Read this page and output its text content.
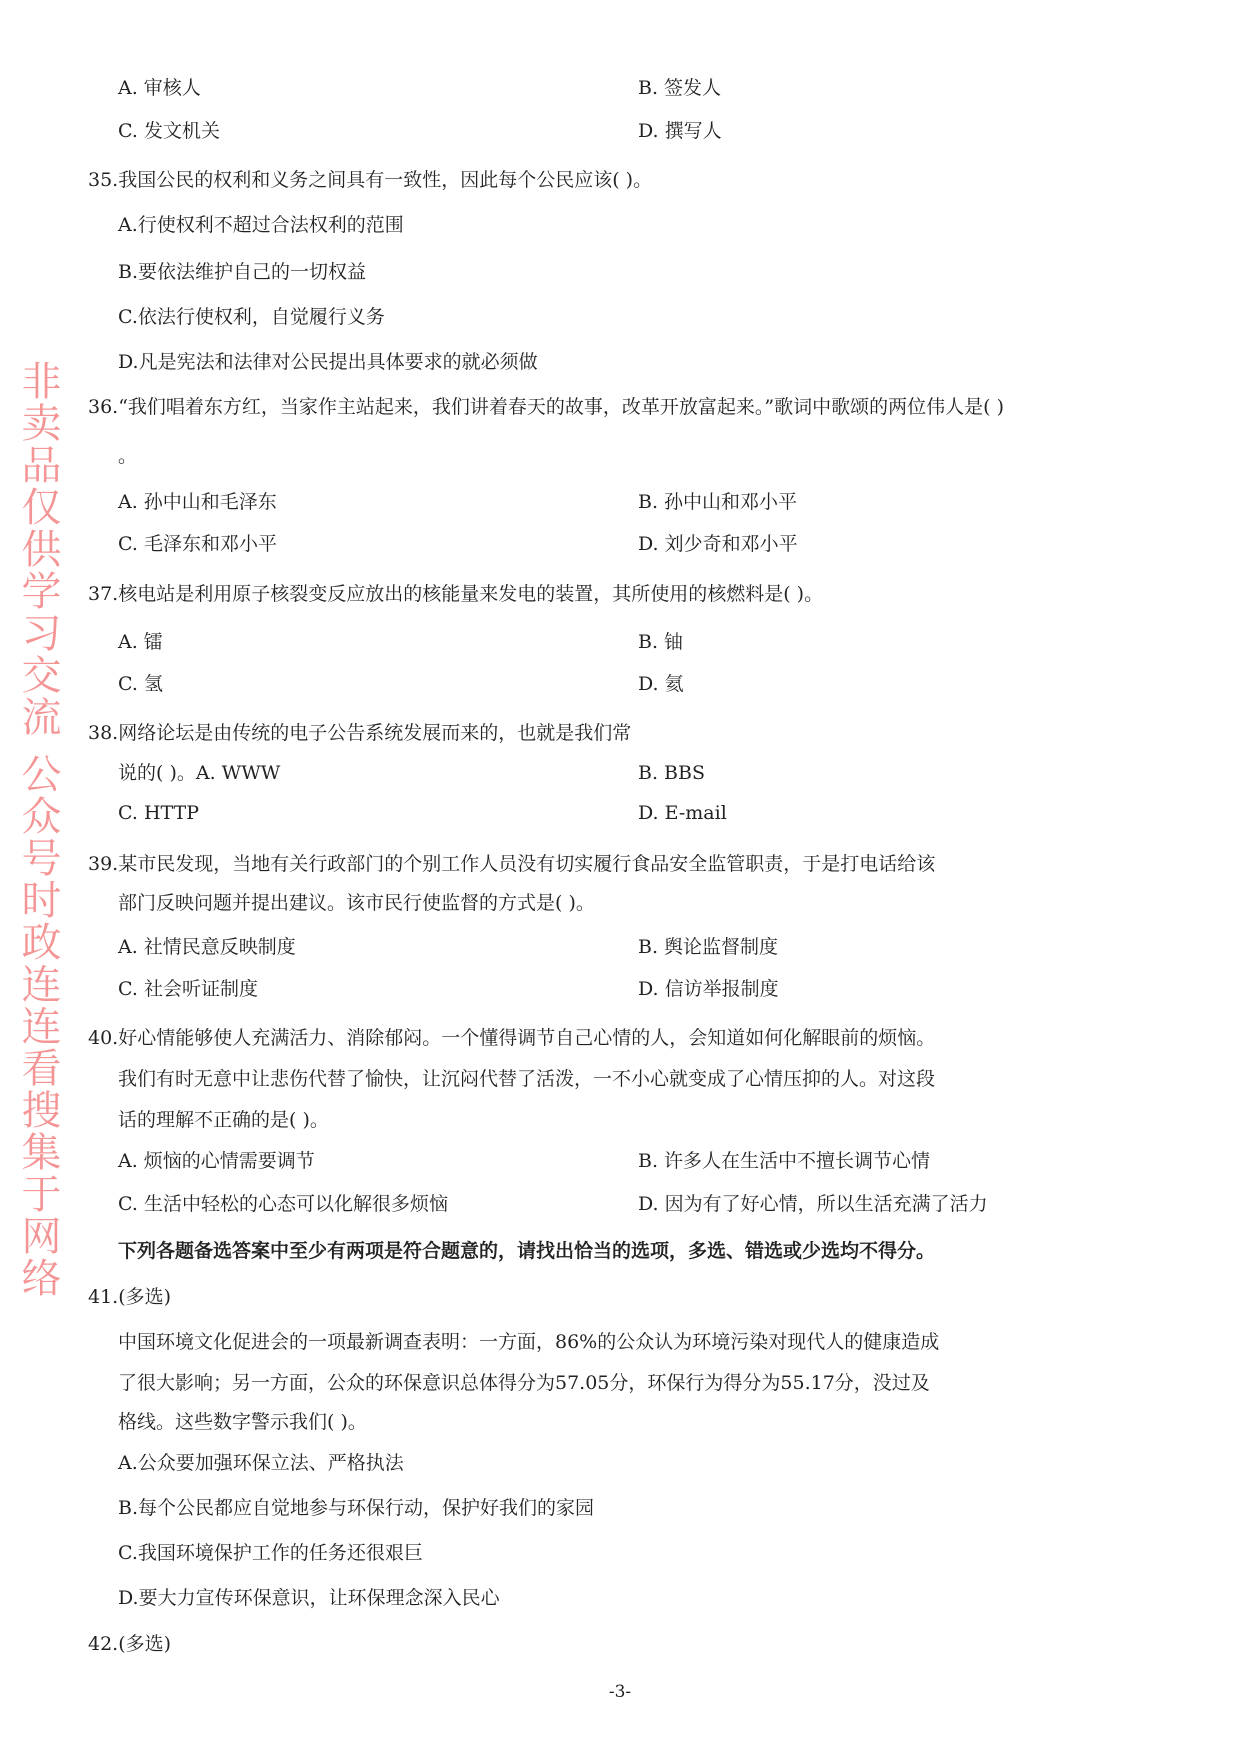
A. 审核人	B. 签发人
C. 发文机关	D. 撰写人
35.我国公民的权利和义务之间具有一致性，因此每个公民应该( )。
A.行使权利不超过合法权利的范围
B.要依法维护自己的一切权益
C.依法行使权利，自觉履行义务
D.凡是宪法和法律对公民提出具体要求的就必须做
36.“我们唱着东方红，当家作主站起来，我们讲着春天的故事，改革开放富起来。”歌词中歌颂的两位伟人是( )
。
A. 孙中山和毛泽东	B. 孙中山和邓小平
C. 毛泽东和邓小平	D. 刘少奇和邓小平
37.核电站是利用原子核裂变反应放出的核能量来发电的装置，其所使用的核燃料是( )。
A. 镭	B. 铀
C. 氢	D. 氦
38.网络论坛是由传统的电子公告系统发展而来的，也就是我们常
说的( )。A. WWW	B. BBS
C. HTTP	D. E-mail
39.某市民发现，当地有关行政部门的个别工作人员没有切实履行食品安全监管职责，于是打电话给该
部门反映问题并提出建议。该市民行使监督的方式是( )。
A. 社情民意反映制度	B. 舆论监督制度
C. 社会听证制度	D. 信访举报制度
40.好心情能够使人充满活力、消除郁闷。一个懂得调节自己心情的人，会知道如何化解眼前的烦恼。
我们有时无意中让悲伤代替了愉快，让沉闷代替了活泼，一不小心就变成了心情压抑的人。对这段
话的理解不正确的是( )。
A. 烦恼的心情需要调节	B. 许多人在生活中不擅长调节心情
C. 生活中轻松的心态可以化解很多烦恼	D. 因为有了好心情，所以生活充满了活力
下列各题备选答案中至少有两项是符合题意的，请找出恰当的选项，多选、错选或少选均不得分。
41.(多选)
中国环境文化促进会的一项最新调查表明：一方面，86%的公众认为环境污染对现代人的健康造成
了很大影响；另一方面，公众的环保意识总体得分为57.05分，环保行为得分为55.17分，没过及
格线。这些数字警示我们( )。
A.公众要加强环保立法、严格执法
B.每个公民都应自觉地参与环保行动，保护好我们的家园
C.我国环境保护工作的任务还很艰巨
D.要大力宣传环保意识，让环保理念深入民心
42.(多选)
-3-
非卖品仅供学习交流 公众号时政连连看搜集于网络
